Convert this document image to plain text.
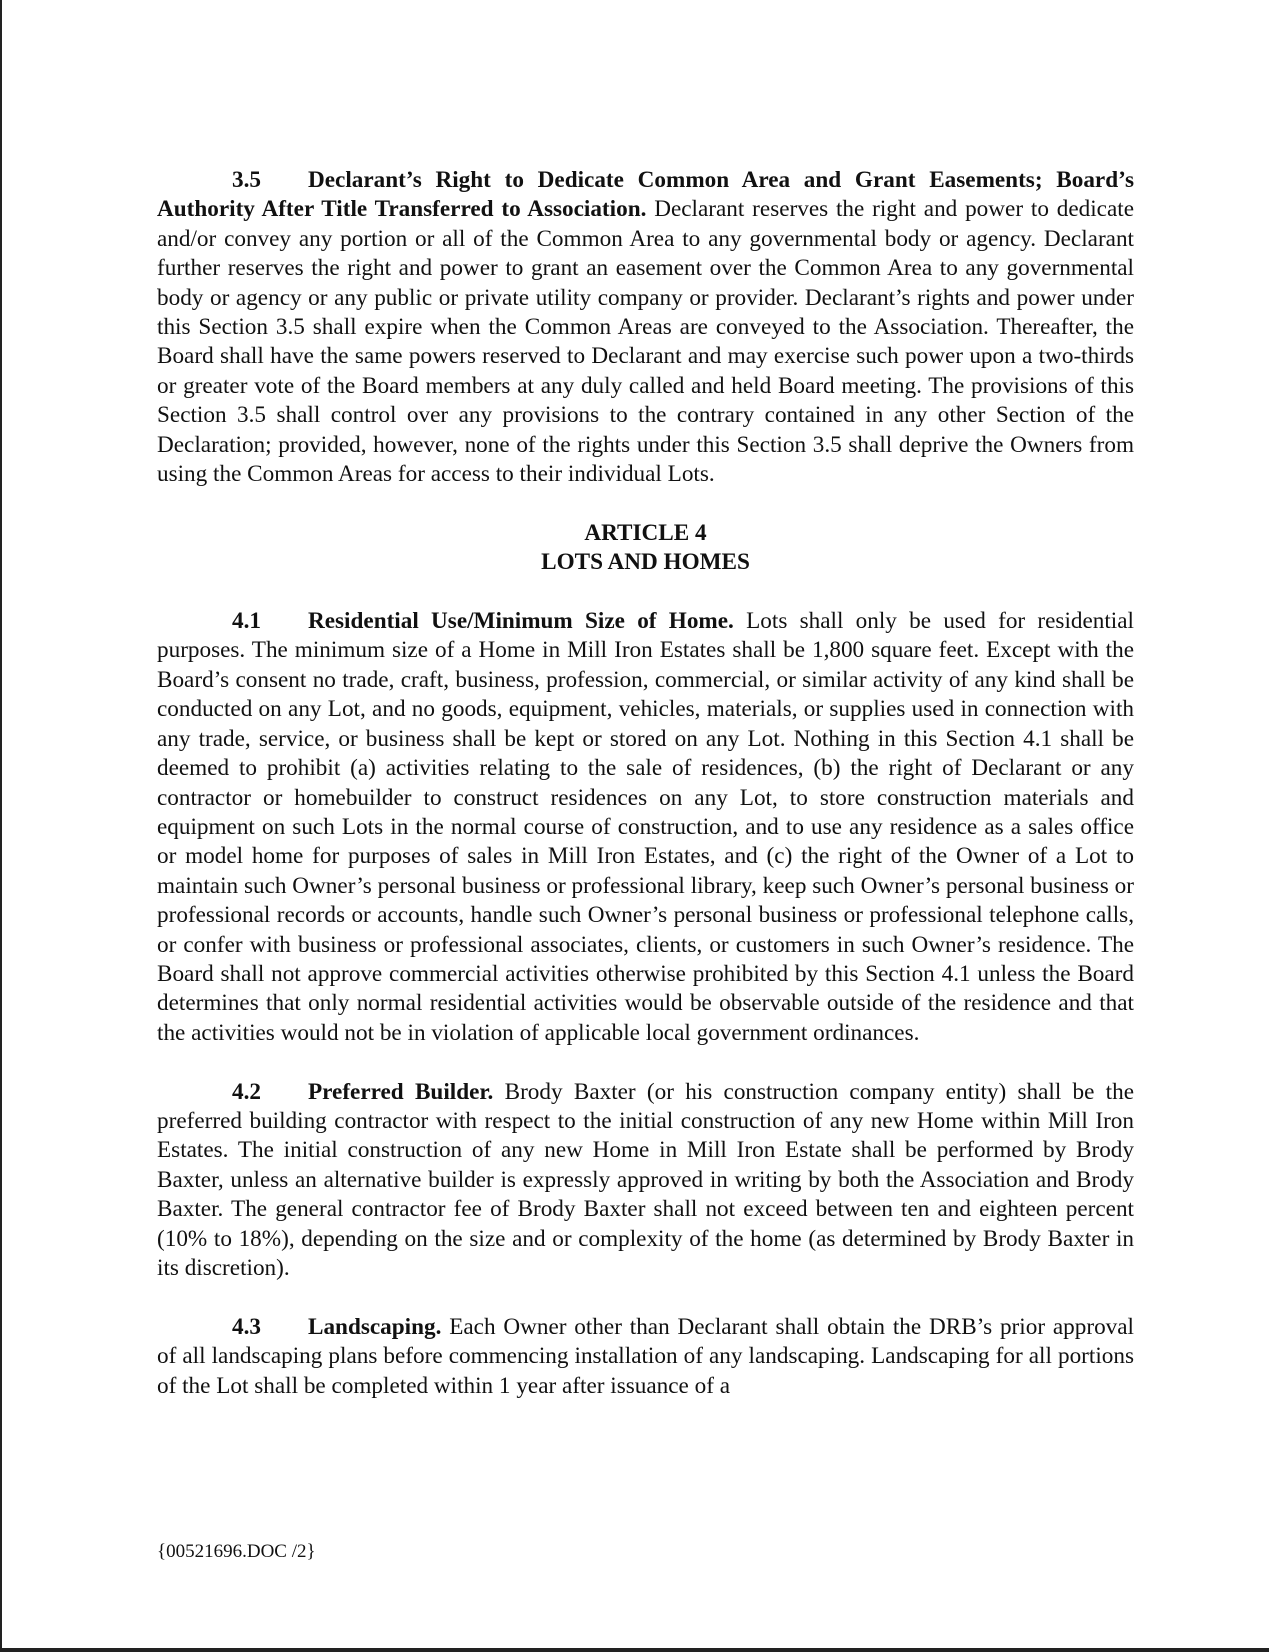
3.5 Declarant’s Right to Dedicate Common Area and Grant Easements; Board’s Authority After Title Transferred to Association. Declarant reserves the right and power to dedicate and/or convey any portion or all of the Common Area to any governmental body or agency. Declarant further reserves the right and power to grant an easement over the Common Area to any governmental body or agency or any public or private utility company or provider. Declarant’s rights and power under this Section 3.5 shall expire when the Common Areas are conveyed to the Association. Thereafter, the Board shall have the same powers reserved to Declarant and may exercise such power upon a two-thirds or greater vote of the Board members at any duly called and held Board meeting. The provisions of this Section 3.5 shall control over any provisions to the contrary contained in any other Section of the Declaration; provided, however, none of the rights under this Section 3.5 shall deprive the Owners from using the Common Areas for access to their individual Lots.

ARTICLE 4
LOTS AND HOMES

4.1 Residential Use/Minimum Size of Home. Lots shall only be used for residential purposes. The minimum size of a Home in Mill Iron Estates shall be 1,800 square feet. Except with the Board’s consent no trade, craft, business, profession, commercial, or similar activity of any kind shall be conducted on any Lot, and no goods, equipment, vehicles, materials, or supplies used in connection with any trade, service, or business shall be kept or stored on any Lot. Nothing in this Section 4.1 shall be deemed to prohibit (a) activities relating to the sale of residences, (b) the right of Declarant or any contractor or homebuilder to construct residences on any Lot, to store construction materials and equipment on such Lots in the normal course of construction, and to use any residence as a sales office or model home for purposes of sales in Mill Iron Estates, and (c) the right of the Owner of a Lot to maintain such Owner’s personal business or professional library, keep such Owner’s personal business or professional records or accounts, handle such Owner’s personal business or professional telephone calls, or confer with business or professional associates, clients, or customers in such Owner’s residence. The Board shall not approve commercial activities otherwise prohibited by this Section 4.1 unless the Board determines that only normal residential activities would be observable outside of the residence and that the activities would not be in violation of applicable local government ordinances.

4.2 Preferred Builder. Brody Baxter (or his construction company entity) shall be the preferred building contractor with respect to the initial construction of any new Home within Mill Iron Estates. The initial construction of any new Home in Mill Iron Estate shall be performed by Brody Baxter, unless an alternative builder is expressly approved in writing by both the Association and Brody Baxter. The general contractor fee of Brody Baxter shall not exceed between ten and eighteen percent (10% to 18%), depending on the size and or complexity of the home (as determined by Brody Baxter in its discretion).

4.3 Landscaping. Each Owner other than Declarant shall obtain the DRB’s prior approval of all landscaping plans before commencing installation of any landscaping. Landscaping for all portions of the Lot shall be completed within 1 year after issuance of a

{00521696.DOC /2}
